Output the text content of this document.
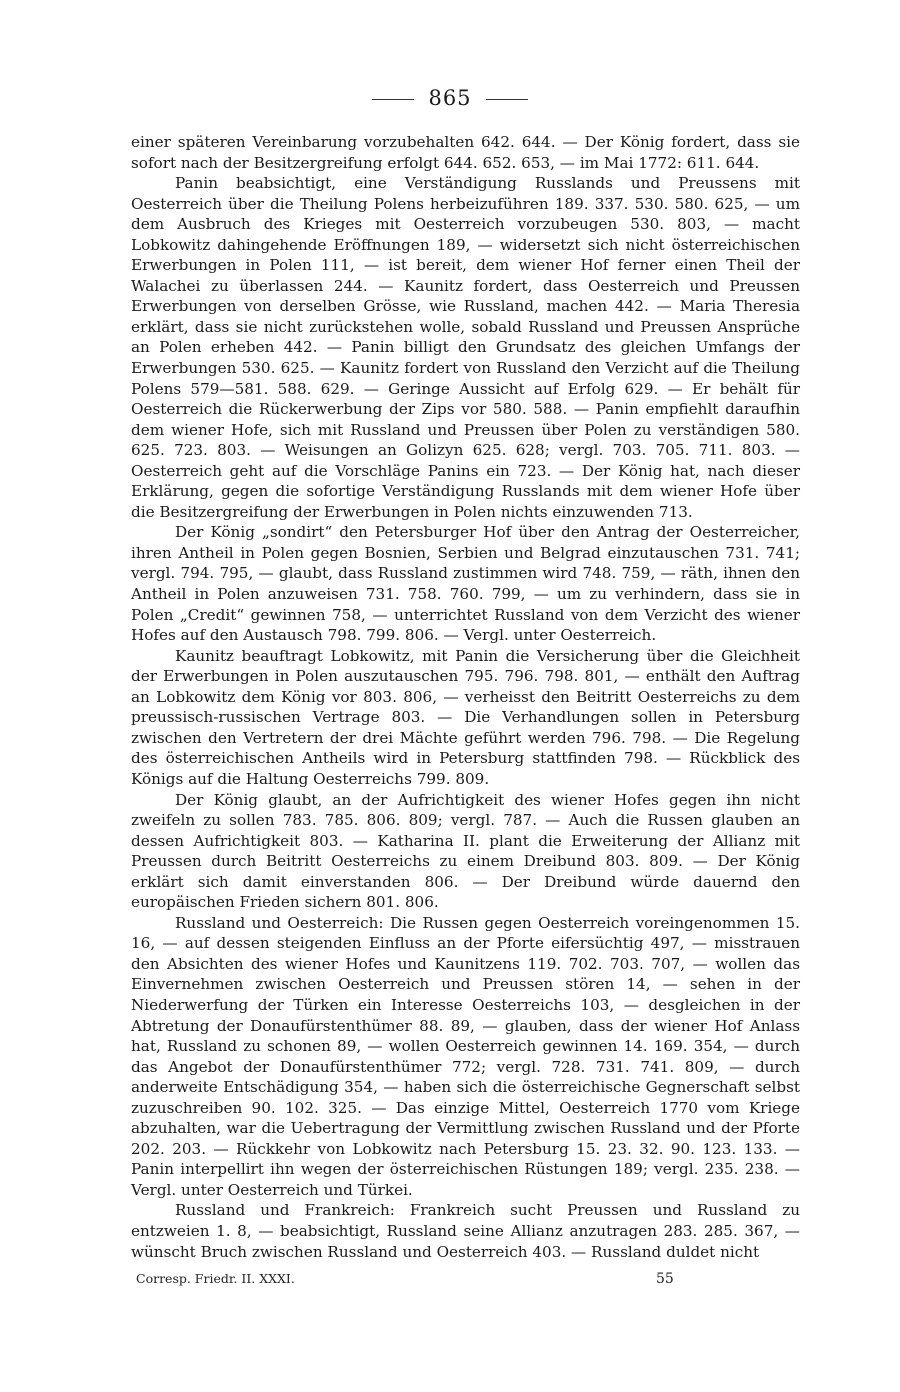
865

einer späteren Vereinbarung vorzubehalten 642. 644. — Der König fordert, dass sie sofort nach der Besitzergreifung erfolgt 644. 652. 653, — im Mai 1772: 611. 644.

Panin beabsichtigt, eine Verständigung Russlands und Preussens mit Oesterreich über die Theilung Polens herbeizuführen 189. 337. 530. 580. 625, — um dem Ausbruch des Krieges mit Oesterreich vorzubeugen 530. 803, — macht Lobkowitz dahingehende Eröffnungen 189, — widersetzt sich nicht österreichischen Erwerbungen in Polen 111, — ist bereit, dem wiener Hof ferner einen Theil der Walachei zu überlassen 244. — Kaunitz fordert, dass Oesterreich und Preussen Erwerbungen von derselben Grösse, wie Russland, machen 442. — Maria Theresia erklärt, dass sie nicht zurückstehen wolle, sobald Russland und Preussen Ansprüche an Polen erheben 442. — Panin billigt den Grundsatz des gleichen Umfangs der Erwerbungen 530. 625. — Kaunitz fordert von Russland den Verzicht auf die Theilung Polens 579—581. 588. 629. — Geringe Aussicht auf Erfolg 629. — Er behält für Oesterreich die Rückerwerbung der Zips vor 580. 588. — Panin empfiehlt daraufhin dem wiener Hofe, sich mit Russland und Preussen über Polen zu verständigen 580. 625. 723. 803. — Weisungen an Golizyn 625. 628; vergl. 703. 705. 711. 803. — Oesterreich geht auf die Vorschläge Panins ein 723. — Der König hat, nach dieser Erklärung, gegen die sofortige Verständigung Russlands mit dem wiener Hofe über die Besitzergreifung der Erwerbungen in Polen nichts einzuwenden 713.

Der König „sondirt“ den Petersburger Hof über den Antrag der Oesterreicher, ihren Antheil in Polen gegen Bosnien, Serbien und Belgrad einzutauschen 731. 741; vergl. 794. 795, — glaubt, dass Russland zustimmen wird 748. 759, — räth, ihnen den Antheil in Polen anzuweisen 731. 758. 760. 799, — um zu verhindern, dass sie in Polen „Credit“ gewinnen 758, — unterrichtet Russland von dem Verzicht des wiener Hofes auf den Austausch 798. 799. 806. — Vergl. unter Oesterreich.

Kaunitz beauftragt Lobkowitz, mit Panin die Versicherung über die Gleichheit der Erwerbungen in Polen auszutauschen 795. 796. 798. 801, — enthält den Auftrag an Lobkowitz dem König vor 803. 806, — verheisst den Beitritt Oesterreichs zu dem preussisch-russischen Vertrage 803. — Die Verhandlungen sollen in Petersburg zwischen den Vertretern der drei Mächte geführt werden 796. 798. — Die Regelung des österreichischen Antheils wird in Petersburg stattfinden 798. — Rückblick des Königs auf die Haltung Oesterreichs 799. 809.

Der König glaubt, an der Aufrichtigkeit des wiener Hofes gegen ihn nicht zweifeln zu sollen 783. 785. 806. 809; vergl. 787. — Auch die Russen glauben an dessen Aufrichtigkeit 803. — Katharina II. plant die Erweiterung der Allianz mit Preussen durch Beitritt Oesterreichs zu einem Dreibund 803. 809. — Der König erklärt sich damit einverstanden 806. — Der Dreibund würde dauernd den europäischen Frieden sichern 801. 806.

Russland und Oesterreich: Die Russen gegen Oesterreich voreingenommen 15. 16, — auf dessen steigenden Einfluss an der Pforte eifersüchtig 497, — misstrauen den Absichten des wiener Hofes und Kaunitzens 119. 702. 703. 707, — wollen das Einvernehmen zwischen Oesterreich und Preussen stören 14, — sehen in der Niederwerfung der Türken ein Interesse Oesterreichs 103, — desgleichen in der Abtretung der Donaufürstenthümer 88. 89, — glauben, dass der wiener Hof Anlass hat, Russland zu schonen 89, — wollen Oesterreich gewinnen 14. 169. 354, — durch das Angebot der Donaufürstenthümer 772; vergl. 728. 731. 741. 809, — durch anderweite Entschädigung 354, — haben sich die österreichische Gegnerschaft selbst zuzuschreiben 90. 102. 325. — Das einzige Mittel, Oesterreich 1770 vom Kriege abzuhalten, war die Uebertragung der Vermittlung zwischen Russland und der Pforte 202. 203. — Rückkehr von Lobkowitz nach Petersburg 15. 23. 32. 90. 123. 133. — Panin interpellirt ihn wegen der österreichischen Rüstungen 189; vergl. 235. 238. — Vergl. unter Oesterreich und Türkei.

Russland und Frankreich: Frankreich sucht Preussen und Russland zu entzweien 1. 8, — beabsichtigt, Russland seine Allianz anzutragen 283. 285. 367, — wünscht Bruch zwischen Russland und Oesterreich 403. — Russland duldet nicht

Corresp. Friedr. II. XXXI.	55
